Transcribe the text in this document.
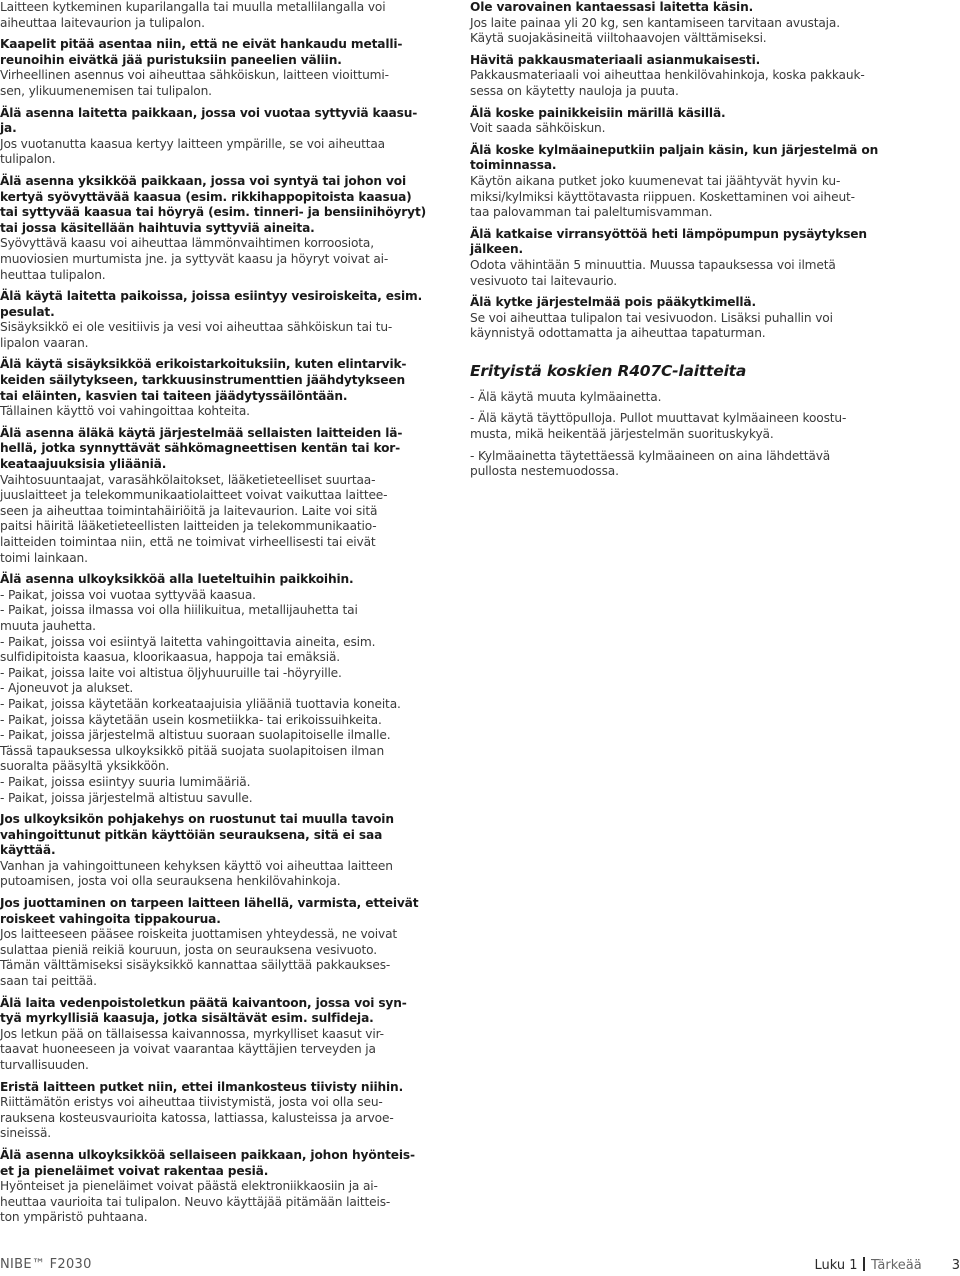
Laitteen kytkeminen kuparilangalla tai muulla metallilangalla voi
aiheuttaa laitevaurion ja tulipalon.
Kaapelit pitää asentaa niin, että ne eivät hankaudu metalli-
reunoihin eivätkä jää puristuksiin paneelien väliin.
Virheellinen asennus voi aiheuttaa sähköiskun, laitteen vioittumi-
sen, ylikuumenemisen tai tulipalon.
Älä asenna laitetta paikkaan, jossa voi vuotaa syttyviä kaasu-
ja.
Jos vuotanutta kaasua kertyy laitteen ympärille, se voi aiheuttaa
tulipalon.
Älä asenna yksikköä paikkaan, jossa voi syntyä tai johon voi
kertyä syövyttävää kaasua (esim. rikkihappopitoista kaasua)
tai syttyvää kaasua tai höyryä (esim. tinneri- ja bensiinihöyryt)
tai jossa käsitellään haihtuvia syttyviä aineita.
Syövyttävä kaasu voi aiheuttaa lämmönvaihtimen korroosiota,
muoviosien murtumista jne. ja syttyvät kaasu ja höyryt voivat ai-
heuttaa tulipalon.
Älä käytä laitetta paikoissa, joissa esiintyy vesiroiskeita, esim.
pesulat.
Sisäyksikkö ei ole vesitiivis ja vesi voi aiheuttaa sähköiskun tai tu-
lipalon vaaran.
Älä käytä sisäyksikköä erikoistarkoituksiin, kuten elintarvik-
keiden säilytykseen, tarkkuusinstrumenttien jäähdytykseen
tai eläinten, kasvien tai taiteen jäädytyssäilöntään.
Tällainen käyttö voi vahingoittaa kohteita.
Älä asenna äläkä käytä järjestelmää sellaisten laitteiden lä-
hellä, jotka synnyttävät sähkömagneettisen kentän tai kor-
keataajuuksisia yliääniä.
Vaihtosuuntaajat, varasähkölaitokset, lääketieteelliset suurtaa-
juuslaitteet ja telekommunikaatiolaitteet voivat vaikuttaa laittee-
seen ja aiheuttaa toimintahäiriöitä ja laitevaurion. Laite voi sitä
paitsi häiritä lääketieteellisten laitteiden ja telekommunikaatio-
laitteiden toimintaa niin, että ne toimivat virheellisesti tai eivät
toimi lainkaan.
Älä asenna ulkoyksikköä alla lueteltuihin paikkoihin.
- Paikat, joissa voi vuotaa syttyvää kaasua.
- Paikat, joissa ilmassa voi olla hiilikuitua, metallijauhetta tai
muuta jauhetta.
- Paikat, joissa voi esiintyä laitetta vahingoittavia aineita, esim.
sulfidipitoista kaasua, kloorikaasua, happoja tai emäksiä.
- Paikat, joissa laite voi altistua öljyhuuruille tai -höyryille.
- Ajoneuvot ja alukset.
- Paikat, joissa käytetään korkeataajuisia yliääniä tuottavia koneita.
- Paikat, joissa käytetään usein kosmetiikka- tai erikoissuihkeita.
- Paikat, joissa järjestelmä altistuu suoraan suolapitoiselle ilmalle.
Tässä tapauksessa ulkoyksikkö pitää suojata suolapitoisen ilman
suoralta pääsyltä yksikköön.
- Paikat, joissa esiintyy suuria lumimääriä.
- Paikat, joissa järjestelmä altistuu savulle.
Jos ulkoyksikön pohjakehys on ruostunut tai muulla tavoin
vahingoittunut pitkän käyttöiän seurauksena, sitä ei saa
käyttää.
Vanhan ja vahingoittuneen kehyksen käyttö voi aiheuttaa laitteen
putoamisen, josta voi olla seurauksena henkilövahinkoja.
Jos juottaminen on tarpeen laitteen lähellä, varmista, etteivät
roiskeet vahingoita tippakourua.
Jos laitteeseen pääsee roiskeita juottamisen yhteydessä, ne voivat
sulattaa pieniä reikiä kouruun, josta on seurauksena vesivuoto.
Tämän välttämiseksi sisäyksikkö kannattaa säilyttää pakkaukses-
saan tai peittää.
Älä laita vedenpoistoletkun päätä kaivantoon, jossa voi syn-
tyä myrkyllisiä kaasuja, jotka sisältävät esim. sulfideja.
Jos letkun pää on tällaisessa kaivannossa, myrkylliset kaasut vir-
taavat huoneeseen ja voivat vaarantaa käyttäjien terveyden ja
turvallisuuden.
Eristä laitteen putket niin, ettei ilmankosteus tiivisty niihin.
Riittämätön eristys voi aiheuttaa tiivistymistä, josta voi olla seu-
rauksena kosteusvaurioita katossa, lattiassa, kalusteissa ja arvoe-
sineissä.
Älä asenna ulkoyksikköä sellaiseen paikkaan, johon hyönteis-
et ja pieneläimet voivat rakentaa pesiä.
Hyönteiset ja pieneläimet voivat päästä elektroniikkaosiin ja ai-
heuttaa vaurioita tai tulipalon. Neuvo käyttäjää pitämään laitteis-
ton ympäristö puhtaana.
Ole varovainen kantaessasi laitetta käsin.
Jos laite painaa yli 20 kg, sen kantamiseen tarvitaan avustaja.
Käytä suojakäsineitä viiltohaavojen välttämiseksi.
Hävitä pakkausmateriaali asianmukaisesti.
Pakkausmateriaali voi aiheuttaa henkilövahinkoja, koska pakkauk-
sessa on käytetty nauloja ja puuta.
Älä koske painikkeisiin märillä käsillä.
Voit saada sähköiskun.
Älä koske kylmäaineputkiin paljain käsin, kun järjestelmä on
toiminnassa.
Käytön aikana putket joko kuumenevat tai jäähtyvät hyvin ku-
miksi/kylmiksi käyttötavasta riippuen. Koskettaminen voi aiheut-
taa palovamman tai paleltumisvamman.
Älä katkaise virransyöttöä heti lämpöpumpun pysäytyksen
jälkeen.
Odota vähintään 5 minuuttia. Muussa tapauksessa voi ilmetä
vesivuoto tai laitevaurio.
Älä kytke järjestelmää pois pääkytkimellä.
Se voi aiheuttaa tulipalon tai vesivuodon. Lisäksi puhallin voi
käynnistyä odottamatta ja aiheuttaa tapaturman.
Erityistä koskien R407C-laitteita
- Älä käytä muuta kylmäainetta.
- Älä käytä täyttöpulloja. Pullot muuttavat kylmäaineen koostu-
musta, mikä heikentää järjestelmän suorituskykyä.
- Kylmäainetta täytettäessä kylmäaineen on aina lähdettävä
pullosta nestemuodossa.
NIBE™ F2030	Luku 1 Tärkeää 3
